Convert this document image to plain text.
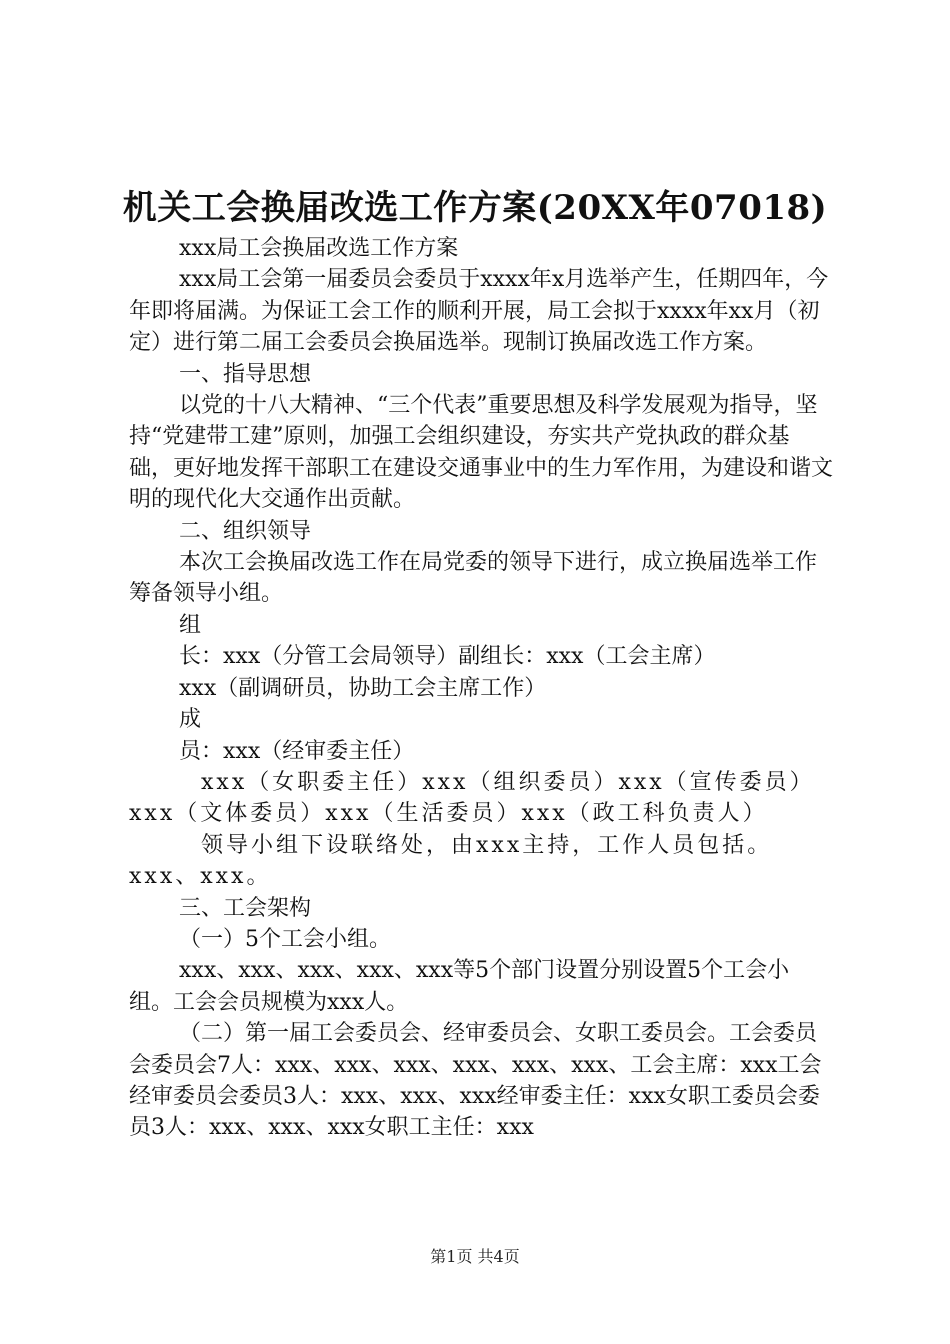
机关工会换届改选工作方案(20XX年07018)

xxx局工会换届改选工作方案

xxx局工会第一届委员会委员于xxxx年x月选举产生，任期四年，今年即将届满。为保证工会工作的顺利开展，局工会拟于xxxx年xx月（初定）进行第二届工会委员会换届选举。现制订换届改选工作方案。

一、指导思想

以党的十八大精神、“三个代表”重要思想及科学发展观为指导，坚持“党建带工建”原则，加强工会组织建设，夯实共产党执政的群众基础，更好地发挥干部职工在建设交通事业中的生力军作用，为建设和谐文明的现代化大交通作出贡献。

二、组织领导

本次工会换届改选工作在局党委的领导下进行，成立换届选举工作筹备领导小组。

组

长：xxx（分管工会局领导）副组长：xxx（工会主席）

xxx（副调研员，协助工会主席工作）

成

员：xxx（经审委主任）

xxx（女职委主任）xxx（组织委员）xxx（宣传委员）xxx（文体委员）xxx（生活委员）xxx（政工科负责人）

领导小组下设联络处，由xxx主持，工作人员包括。xxx、xxx。

三、工会架构

（一）5个工会小组。

xxx、xxx、xxx、xxx、xxx等5个部门设置分别设置5个工会小组。工会会员规模为xxx人。

（二）第一届工会委员会、经审委员会、女职工委员会。工会委员会委员会7人：xxx、xxx、xxx、xxx、xxx、xxx、工会主席：xxx工会经审委员会委员3人：xxx、xxx、xxx经审委主任：xxx女职工委员会委员3人：xxx、xxx、xxx女职工主任：xxx

第1页 共4页
